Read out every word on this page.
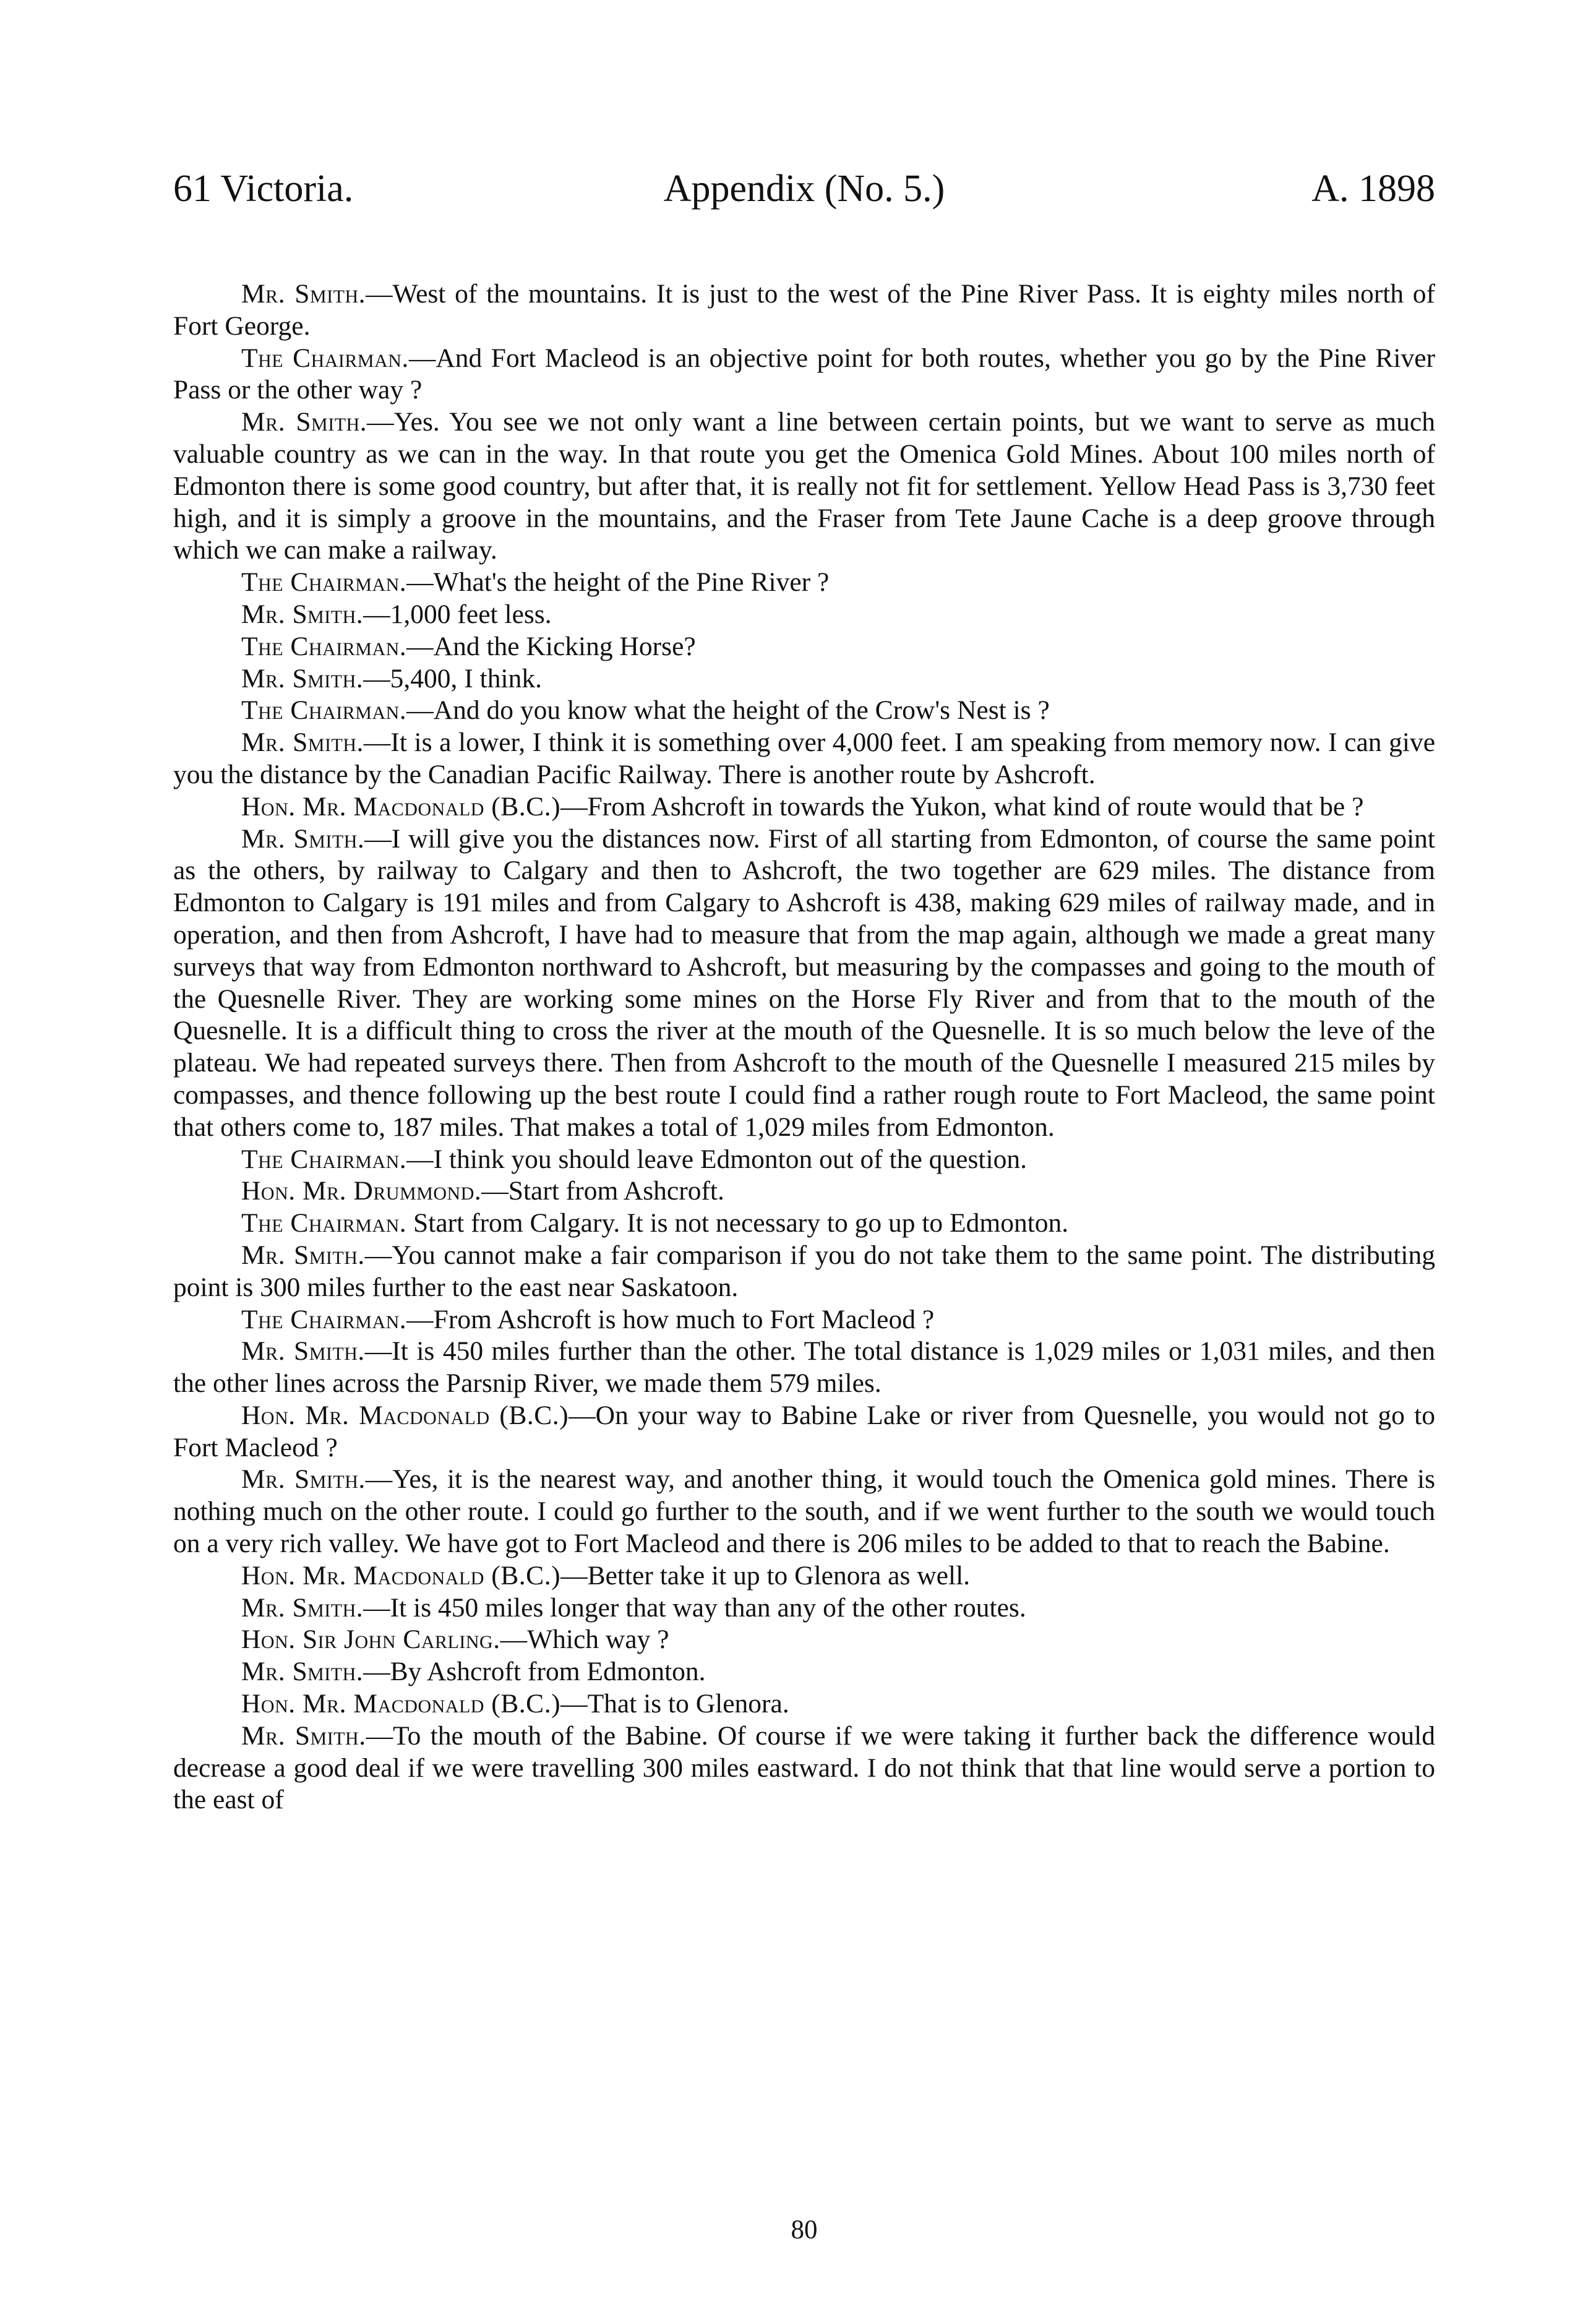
61 Victoria.	Appendix (No. 5.)	A. 1898

Mr. Smith.—West of the mountains. It is just to the west of the Pine River Pass. It is eighty miles north of Fort George.

The Chairman.—And Fort Macleod is an objective point for both routes, whether you go by the Pine River Pass or the other way ?

Mr. Smith.—Yes. You see we not only want a line between certain points, but we want to serve as much valuable country as we can in the way. In that route you get the Omenica Gold Mines. About 100 miles north of Edmonton there is some good country, but after that, it is really not fit for settlement. Yellow Head Pass is 3,730 feet high, and it is simply a groove in the mountains, and the Fraser from Tete Jaune Cache is a deep groove through which we can make a railway.

The Chairman.—What's the height of the Pine River ?

Mr. Smith.—1,000 feet less.

The Chairman.—And the Kicking Horse?

Mr. Smith.—5,400, I think.

The Chairman.—And do you know what the height of the Crow's Nest is ?

Mr. Smith.—It is a lower, I think it is something over 4,000 feet. I am speaking from memory now. I can give you the distance by the Canadian Pacific Railway. There is another route by Ashcroft.

Hon. Mr. Macdonald (B.C.)—From Ashcroft in towards the Yukon, what kind of route would that be ?

Mr. Smith.—I will give you the distances now. First of all starting from Edmonton, of course the same point as the others, by railway to Calgary and then to Ashcroft, the two together are 629 miles. The distance from Edmonton to Calgary is 191 miles and from Calgary to Ashcroft is 438, making 629 miles of railway made, and in operation, and then from Ashcroft, I have had to measure that from the map again, although we made a great many surveys that way from Edmonton northward to Ashcroft, but measuring by the compasses and going to the mouth of the Quesnelle River. They are working some mines on the Horse Fly River and from that to the mouth of the Quesnelle. It is a difficult thing to cross the river at the mouth of the Quesnelle. It is so much below the leve of the plateau. We had repeated surveys there. Then from Ashcroft to the mouth of the Quesnelle I measured 215 miles by compasses, and thence following up the best route I could find a rather rough route to Fort Macleod, the same point that others come to, 187 miles. That makes a total of 1,029 miles from Edmonton.

The Chairman.—I think you should leave Edmonton out of the question.

Hon. Mr. Drummond.—Start from Ashcroft.

The Chairman. Start from Calgary. It is not necessary to go up to Edmonton.

Mr. Smith.—You cannot make a fair comparison if you do not take them to the same point. The distributing point is 300 miles further to the east near Saskatoon.

The Chairman.—From Ashcroft is how much to Fort Macleod ?

Mr. Smith.—It is 450 miles further than the other. The total distance is 1,029 miles or 1,031 miles, and then the other lines across the Parsnip River, we made them 579 miles.

Hon. Mr. Macdonald (B.C.)—On your way to Babine Lake or river from Quesnelle, you would not go to Fort Macleod ?

Mr. Smith.—Yes, it is the nearest way, and another thing, it would touch the Omenica gold mines. There is nothing much on the other route. I could go further to the south, and if we went further to the south we would touch on a very rich valley. We have got to Fort Macleod and there is 206 miles to be added to that to reach the Babine.

Hon. Mr. Macdonald (B.C.)—Better take it up to Glenora as well.

Mr. Smith.—It is 450 miles longer that way than any of the other routes.

Hon. Sir John Carling.—Which way ?

Mr. Smith.—By Ashcroft from Edmonton.

Hon. Mr. Macdonald (B.C.)—That is to Glenora.

Mr. Smith.—To the mouth of the Babine. Of course if we were taking it further back the difference would decrease a good deal if we were travelling 300 miles eastward. I do not think that that line would serve a portion to the east of

80
